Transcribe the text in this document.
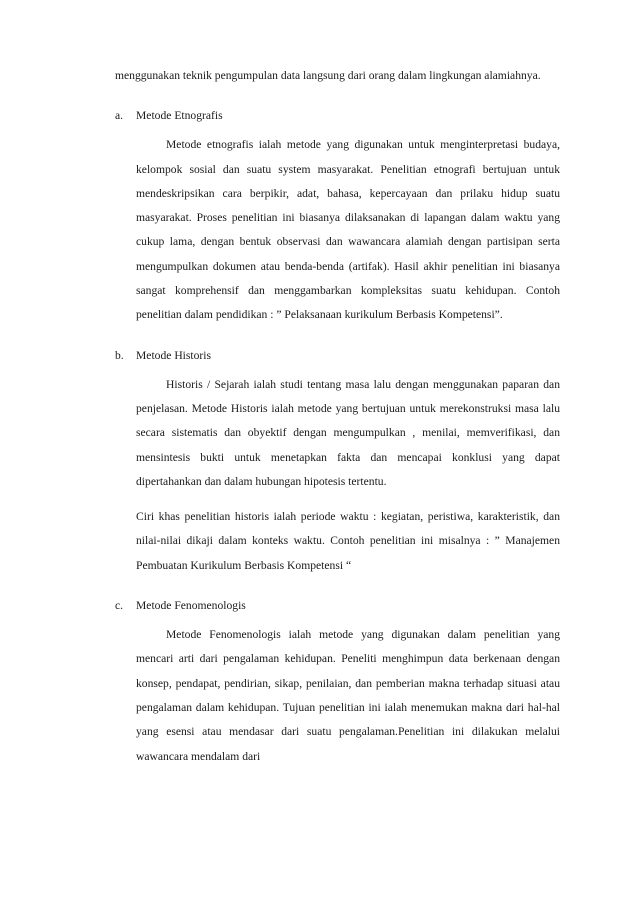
menggunakan teknik pengumpulan data langsung dari orang dalam lingkungan alamiahnya.

a.	Metode Etnografis

Metode etnografis ialah metode yang digunakan untuk menginterpretasi budaya, kelompok sosial dan suatu system masyarakat. Penelitian etnografi bertujuan untuk mendeskripsikan cara berpikir, adat, bahasa, kepercayaan dan prilaku hidup suatu masyarakat. Proses penelitian ini biasanya dilaksanakan di lapangan dalam waktu yang cukup lama, dengan bentuk observasi dan wawancara alamiah dengan partisipan serta mengumpulkan dokumen atau benda-benda (artifak). Hasil akhir penelitian ini biasanya sangat komprehensif dan menggambarkan kompleksitas suatu kehidupan. Contoh penelitian dalam pendidikan : ” Pelaksanaan kurikulum Berbasis Kompetensi”.

b.	Metode Historis

Historis / Sejarah ialah studi tentang masa lalu dengan menggunakan paparan dan penjelasan. Metode Historis ialah metode yang bertujuan untuk merekonstruksi masa lalu secara sistematis dan obyektif dengan mengumpulkan , menilai, memverifikasi, dan mensintesis bukti untuk menetapkan fakta dan mencapai konklusi yang dapat dipertahankan dan dalam hubungan hipotesis tertentu.

Ciri khas penelitian historis ialah periode waktu : kegiatan, peristiwa, karakteristik, dan nilai-nilai dikaji dalam konteks waktu. Contoh penelitian ini misalnya : ” Manajemen Pembuatan Kurikulum Berbasis Kompetensi “

c.	Metode Fenomenologis

Metode Fenomenologis ialah metode yang digunakan dalam penelitian yang mencari arti dari pengalaman kehidupan. Peneliti menghimpun data berkenaan dengan konsep, pendapat, pendirian, sikap, penilaian, dan pemberian makna terhadap situasi atau pengalaman dalam kehidupan. Tujuan penelitian ini ialah menemukan makna dari hal-hal yang esensi atau mendasar dari suatu pengalaman.Penelitian ini dilakukan melalui wawancara mendalam dari
